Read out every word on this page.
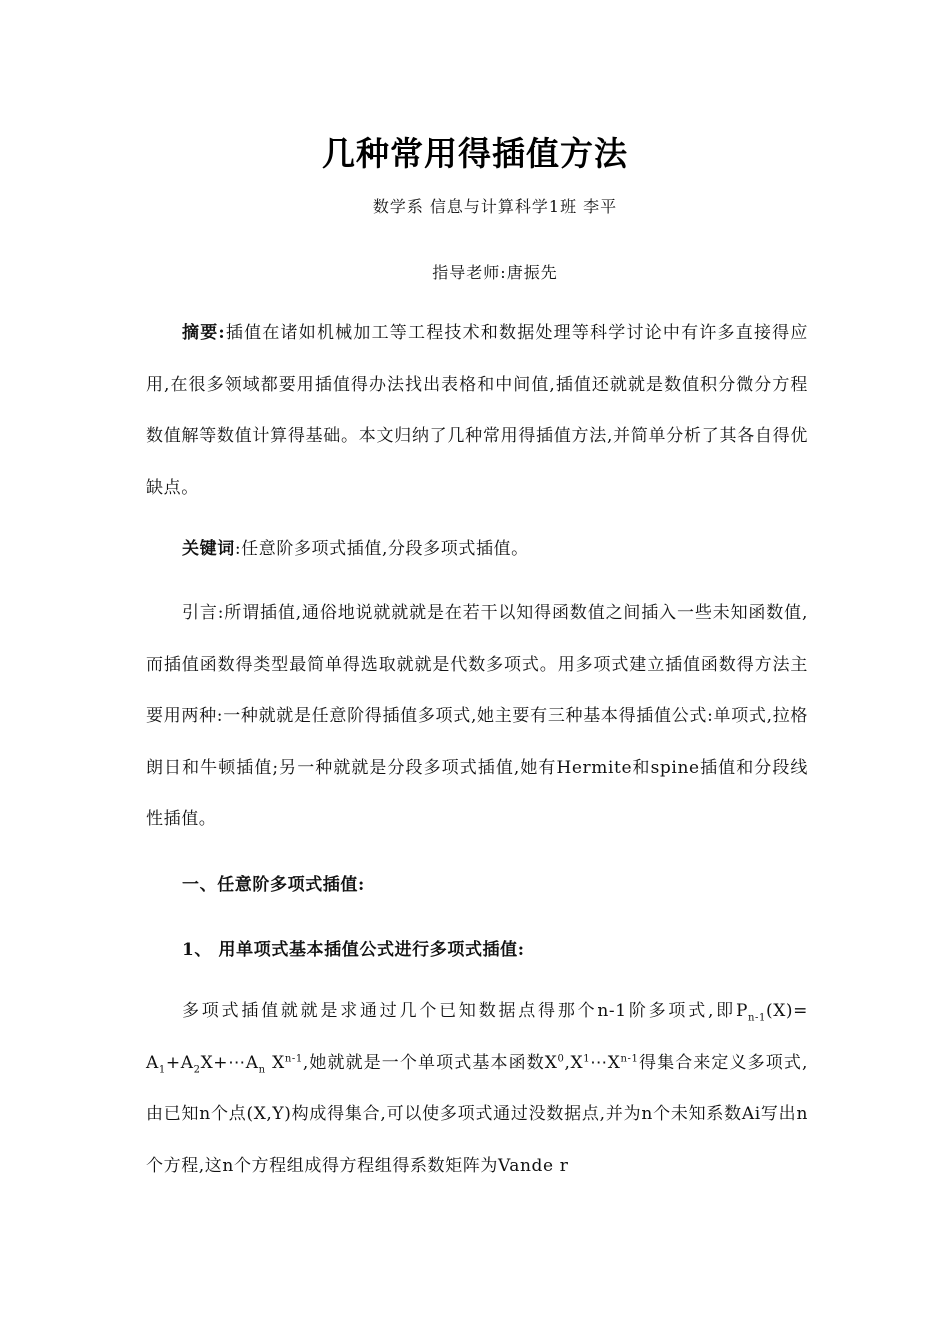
几种常用得插值方法
数学系 信息与计算科学1班 李平
指导老师:唐振先

摘要:插值在诸如机械加工等工程技术和数据处理等科学讨论中有许多直接得应用,在很多领域都要用插值得办法找出表格和中间值,插值还就就是数值积分微分方程数值解等数值计算得基础。本文归纳了几种常用得插值方法,并简单分析了其各自得优缺点。

关键词:任意阶多项式插值,分段多项式插值。

引言:所谓插值,通俗地说就就就是在若干以知得函数值之间插入一些未知函数值,而插值函数得类型最简单得选取就就是代数多项式。用多项式建立插值函数得方法主要用两种:一种就就是任意阶得插值多项式,她主要有三种基本得插值公式:单项式,拉格朗日和牛顿插值;另一种就就是分段多项式插值,她有Hermite和spine插值和分段线性插值。

一、任意阶多项式插值:
1、 用单项式基本插值公式进行多项式插值:

多项式插值就就是求通过几个已知数据点得那个n-1阶多项式,即$P_{n-1}(X)=$ $A_1+A_2X+\cdots A_n$ $X^{n-1}$,她就就是一个单项式基本函数$X^0,X^1\cdots X^{n-1}$得集合来定义多项式,由已知n个点(X,Y)构成得集合,可以使多项式通过没数据点,并为n个未知系数Ai写出n个方程,这n个方程组成得方程组得系数矩阵为Vande r
